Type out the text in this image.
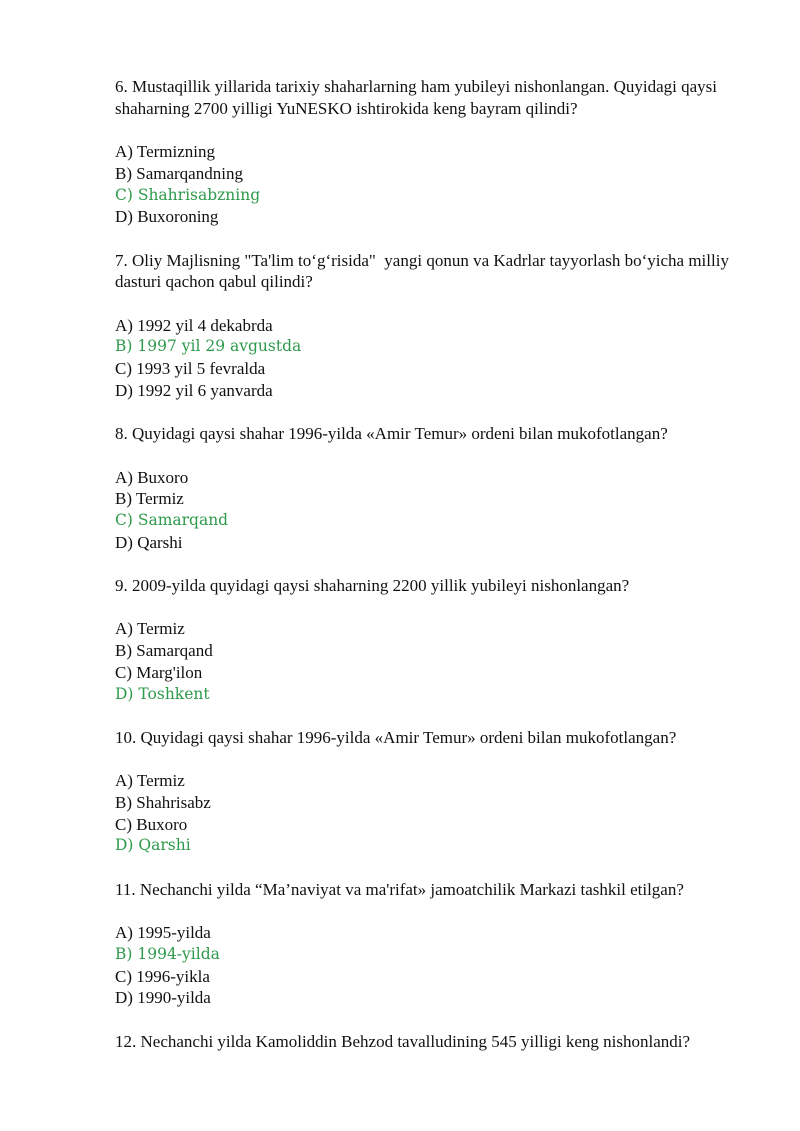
6. Mustaqillik yillarida tarixiy shaharlarning ham yubileyi nishonlangan. Quyidagi qaysi shaharning 2700 yilligi YuNESKO ishtirokida keng bayram qilindi?

A) Termizning
B) Samarqandning
C) Shahrisabzning
D) Buxoroning

7. Oliy Majlisning "Ta'lim to‘g‘risida"  yangi qonun va Kadrlar tayyorlash bo‘yicha milliy dasturi qachon qabul qilindi?

A) 1992 yil 4 dekabrda
B) 1997 yil 29 avgustda
C) 1993 yil 5 fevralda
D) 1992 yil 6 yanvarda

8. Quyidagi qaysi shahar 1996-yilda «Amir Temur» ordeni bilan mukofotlangan?

A) Buxoro
B) Termiz
C) Samarqand
D) Qarshi

9. 2009-yilda quyidagi qaysi shaharning 2200 yillik yubileyi nishonlangan?

A) Termiz
B) Samarqand
C) Marg'ilon
D) Toshkent

10. Quyidagi qaysi shahar 1996-yilda «Amir Temur» ordeni bilan mukofotlangan?

A) Termiz
B) Shahrisabz
C) Buxoro
D) Qarshi

11. Nechanchi yilda “Ma’naviyat va ma'rifat» jamoatchilik Markazi tashkil etilgan?

A) 1995-yilda
B) 1994-yilda
C) 1996-yikla
D) 1990-yilda

12. Nechanchi yilda Kamoliddin Behzod tavalludining 545 yilligi keng nishonlandi?
